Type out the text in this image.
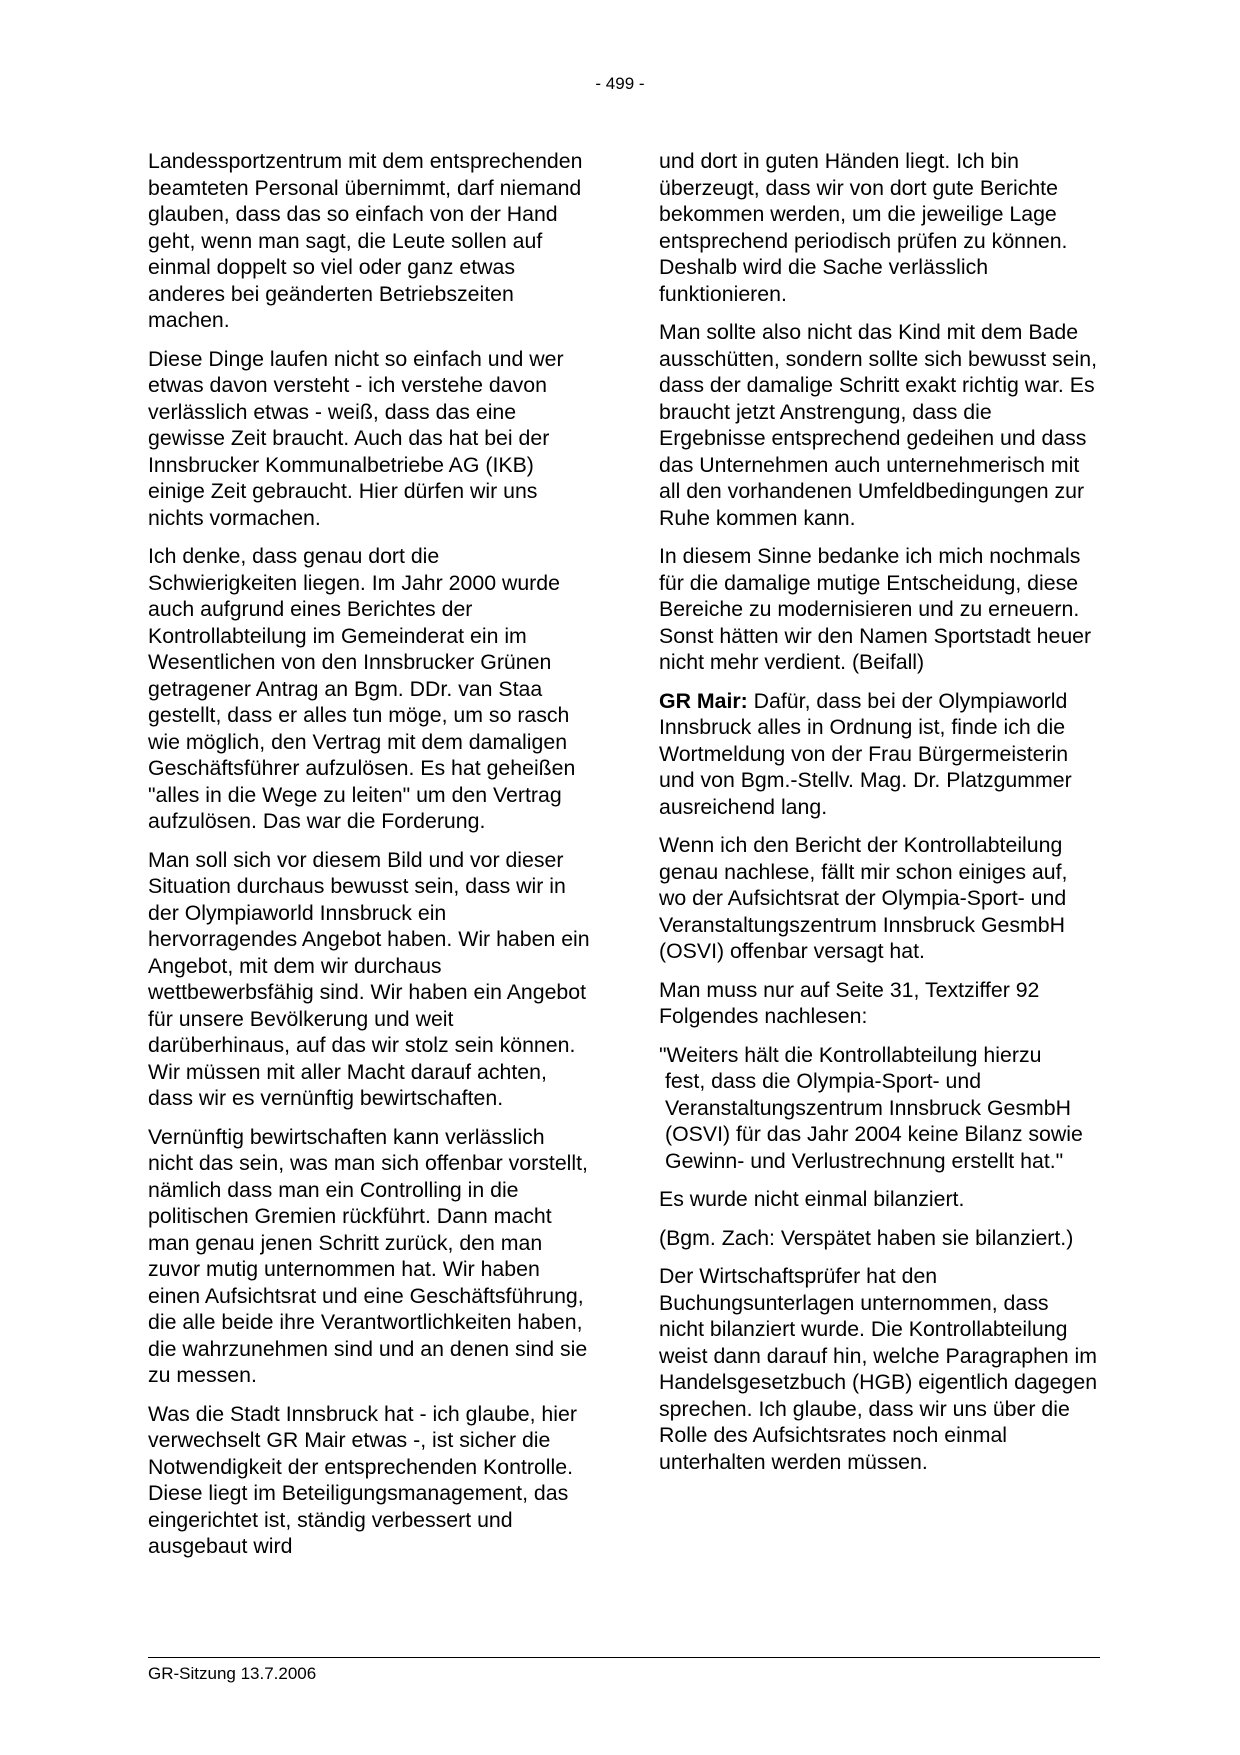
- 499 -

Landessportzentrum mit dem entsprechenden beamteten Personal übernimmt, darf niemand glauben, dass das so einfach von der Hand geht, wenn man sagt, die Leute sollen auf einmal doppelt so viel oder ganz etwas anderes bei geänderten Betriebszeiten machen.

Diese Dinge laufen nicht so einfach und wer etwas davon versteht - ich verstehe davon verlässlich etwas - weiß, dass das eine gewisse Zeit braucht. Auch das hat bei der Innsbrucker Kommunalbetriebe AG (IKB) einige Zeit gebraucht. Hier dürfen wir uns nichts vormachen.

Ich denke, dass genau dort die Schwierigkeiten liegen. Im Jahr 2000 wurde auch aufgrund eines Berichtes der Kontrollabteilung im Gemeinderat ein im Wesentlichen von den Innsbrucker Grünen getragener Antrag an Bgm. DDr. van Staa gestellt, dass er alles tun möge, um so rasch wie möglich, den Vertrag mit dem damaligen Geschäftsführer aufzulösen. Es hat geheißen "alles in die Wege zu leiten" um den Vertrag aufzulösen. Das war die Forderung.

Man soll sich vor diesem Bild und vor dieser Situation durchaus bewusst sein, dass wir in der Olympiaworld Innsbruck ein hervorragendes Angebot haben. Wir haben ein Angebot, mit dem wir durchaus wettbewerbsfähig sind. Wir haben ein Angebot für unsere Bevölkerung und weit darüberhinaus, auf das wir stolz sein können. Wir müssen mit aller Macht darauf achten, dass wir es vernünftig bewirtschaften.

Vernünftig bewirtschaften kann verlässlich nicht das sein, was man sich offenbar vorstellt, nämlich dass man ein Controlling in die politischen Gremien rückführt. Dann macht man genau jenen Schritt zurück, den man zuvor mutig unternommen hat. Wir haben einen Aufsichtsrat und eine Geschäftsführung, die alle beide ihre Verantwortlichkeiten haben, die wahrzunehmen sind und an denen sind sie zu messen.

Was die Stadt Innsbruck hat - ich glaube, hier verwechselt GR Mair etwas -, ist sicher die Notwendigkeit der entsprechenden Kontrolle. Diese liegt im Beteiligungsmanagement, das eingerichtet ist, ständig verbessert und ausgebaut wird

und dort in guten Händen liegt. Ich bin überzeugt, dass wir von dort gute Berichte bekommen werden, um die jeweilige Lage entsprechend periodisch prüfen zu können. Deshalb wird die Sache verlässlich funktionieren.

Man sollte also nicht das Kind mit dem Bade ausschütten, sondern sollte sich bewusst sein, dass der damalige Schritt exakt richtig war. Es braucht jetzt Anstrengung, dass die Ergebnisse entsprechend gedeihen und dass das Unternehmen auch unternehmerisch mit all den vorhandenen Umfeldbedingungen zur Ruhe kommen kann.

In diesem Sinne bedanke ich mich nochmals für die damalige mutige Entscheidung, diese Bereiche zu modernisieren und zu erneuern. Sonst hätten wir den Namen Sportstadt heuer nicht mehr verdient. (Beifall)

GR Mair: Dafür, dass bei der Olympiaworld Innsbruck alles in Ordnung ist, finde ich die Wortmeldung von der Frau Bürgermeisterin und von Bgm.-Stellv. Mag. Dr. Platzgummer ausreichend lang.

Wenn ich den Bericht der Kontrollabteilung genau nachlese, fällt mir schon einiges auf, wo der Aufsichtsrat der Olympia-Sport- und Veranstaltungszentrum Innsbruck GesmbH (OSVI) offenbar versagt hat.

Man muss nur auf Seite 31, Textziffer 92 Folgendes nachlesen:

"Weiters hält die Kontrollabteilung hierzu
fest, dass die Olympia-Sport- und Veranstaltungszentrum Innsbruck GesmbH (OSVI) für das Jahr 2004 keine Bilanz sowie Gewinn- und Verlustrechnung erstellt hat."

Es wurde nicht einmal bilanziert.

(Bgm. Zach: Verspätet haben sie bilanziert.)

Der Wirtschaftsprüfer hat den Buchungsunterlagen unternommen, dass nicht bilanziert wurde. Die Kontrollabteilung weist dann darauf hin, welche Paragraphen im Handelsgesetzbuch (HGB) eigentlich dagegen sprechen. Ich glaube, dass wir uns über die Rolle des Aufsichtsrates noch einmal unterhalten werden müssen.

GR-Sitzung 13.7.2006
